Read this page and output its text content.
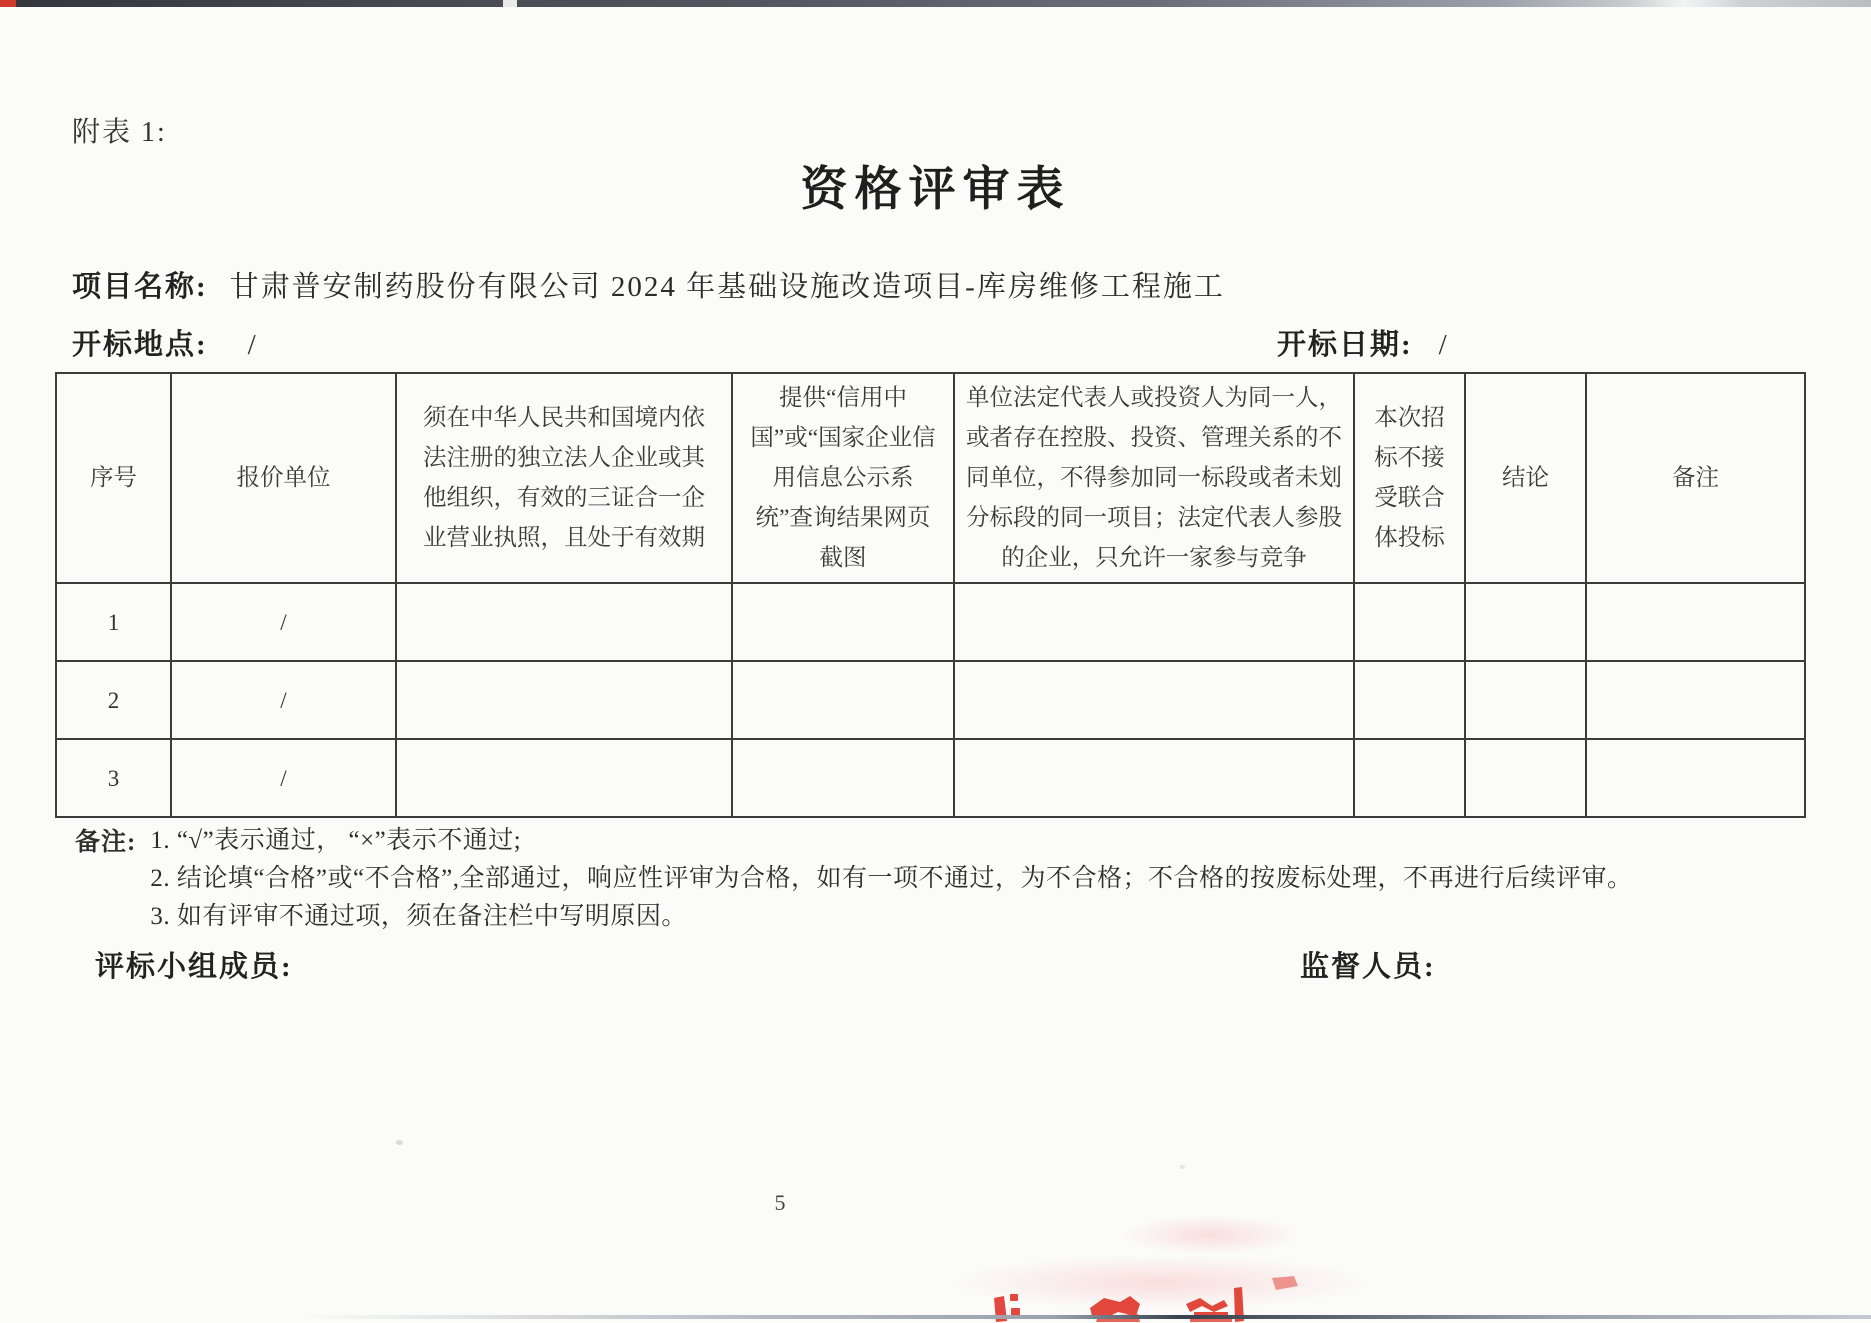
附表 1:
资格评审表
项目名称: 甘肃普安制药股份有限公司 2024 年基础设施改造项目-库房维修工程施工
开标地点: /	开标日期: /
序号	报价单位	须在中华人民共和国境内依法注册的独立法人企业或其他组织，有效的三证合一企业营业执照，且处于有效期	提供“信用中国”或“国家企业信用信息公示系统”查询结果网页截图	单位法定代表人或投资人为同一人，或者存在控股、投资、管理关系的不同单位，不得参加同一标段或者未划分标段的同一项目；法定代表人参股的企业，只允许一家参与竞争	本次招标不接受联合体投标	结论	备注
1	/						
2	/						
3	/						
备注: 1. “√”表示通过， “×”表示不通过;
2. 结论填“合格”或“不合格”,全部通过，响应性评审为合格，如有一项不通过，为不合格；不合格的按废标处理，不再进行后续评审。
3. 如有评审不通过项，须在备注栏中写明原因。
评标小组成员:	监督人员:
5
